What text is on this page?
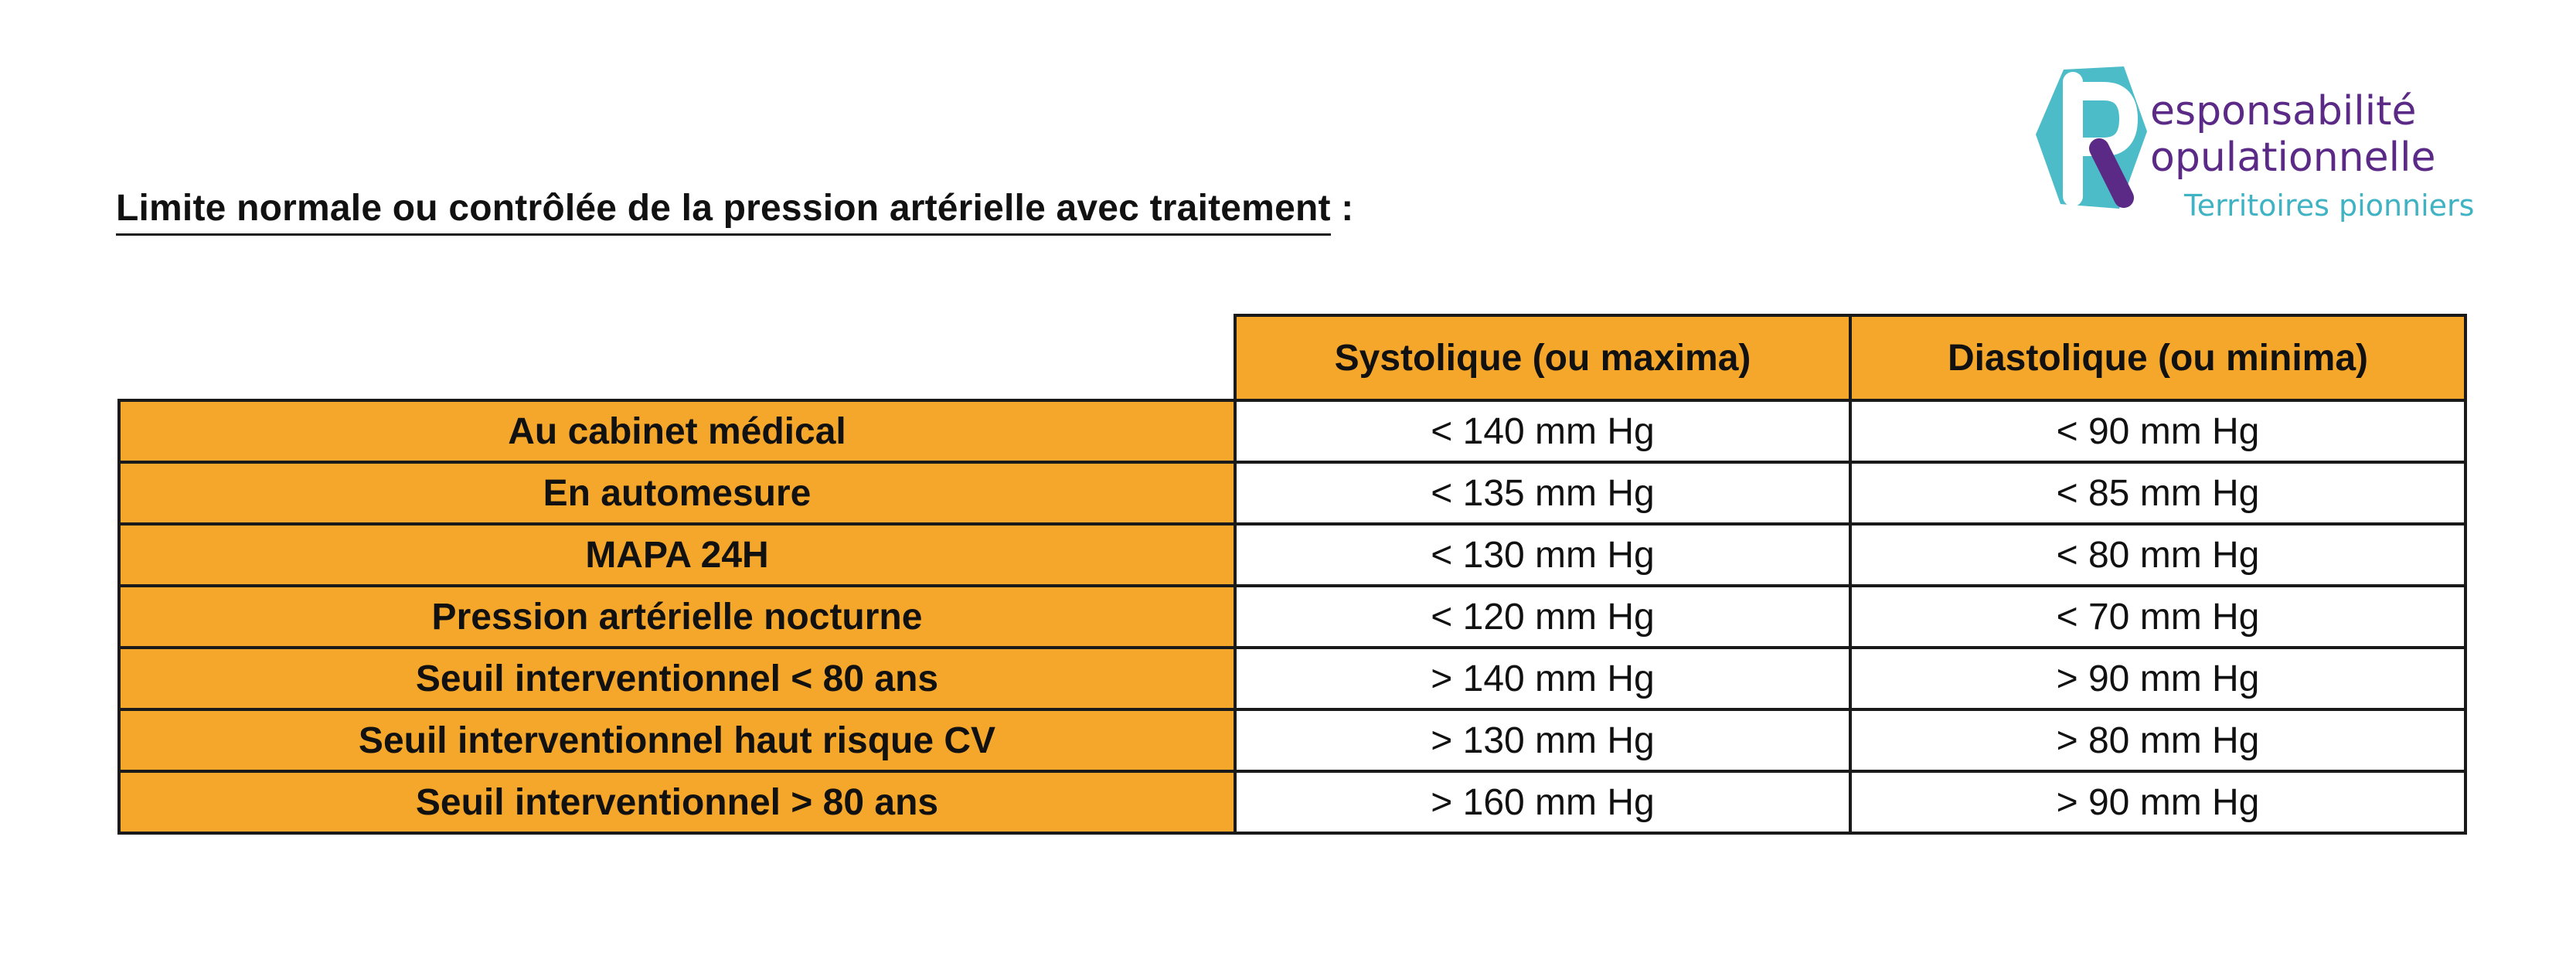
esponsabilité
opulationnelle
Territoires pionniers
Limite normale ou contrôlée de la pression artérielle avec traitement :
	Systolique (ou maxima)	Diastolique (ou minima)
Au cabinet médical	< 140 mm Hg	< 90 mm Hg
En automesure	< 135 mm Hg	< 85 mm Hg
MAPA 24H	< 130 mm Hg	< 80 mm Hg
Pression artérielle nocturne	< 120 mm Hg	< 70 mm Hg
Seuil interventionnel < 80 ans	> 140 mm Hg	> 90 mm Hg
Seuil interventionnel haut risque CV	> 130 mm Hg	> 80 mm Hg
Seuil interventionnel > 80 ans	> 160 mm Hg	> 90 mm Hg
